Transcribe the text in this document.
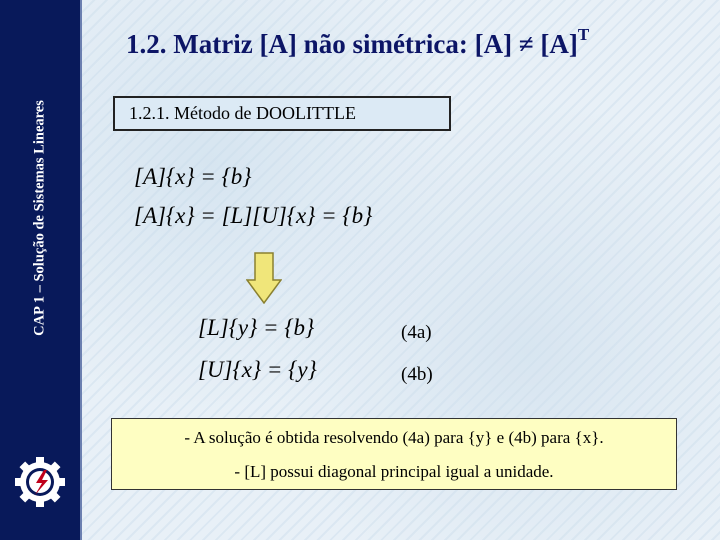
CAP 1 – Solução de Sistemas Lineares
1.2. Matriz [A] não simétrica: $[A] \ne [A]^T$
1.2.1. Método de DOOLITTLE
[A]{x} = {b}
[A]{x} = [L][U]{x} = {b}
[L]{y} = {b}	(4a)
[U]{x} = {y}	(4b)
- A solução é obtida resolvendo (4a) para {y} e (4b) para {x}.
- [L] possui diagonal principal igual a unidade.
